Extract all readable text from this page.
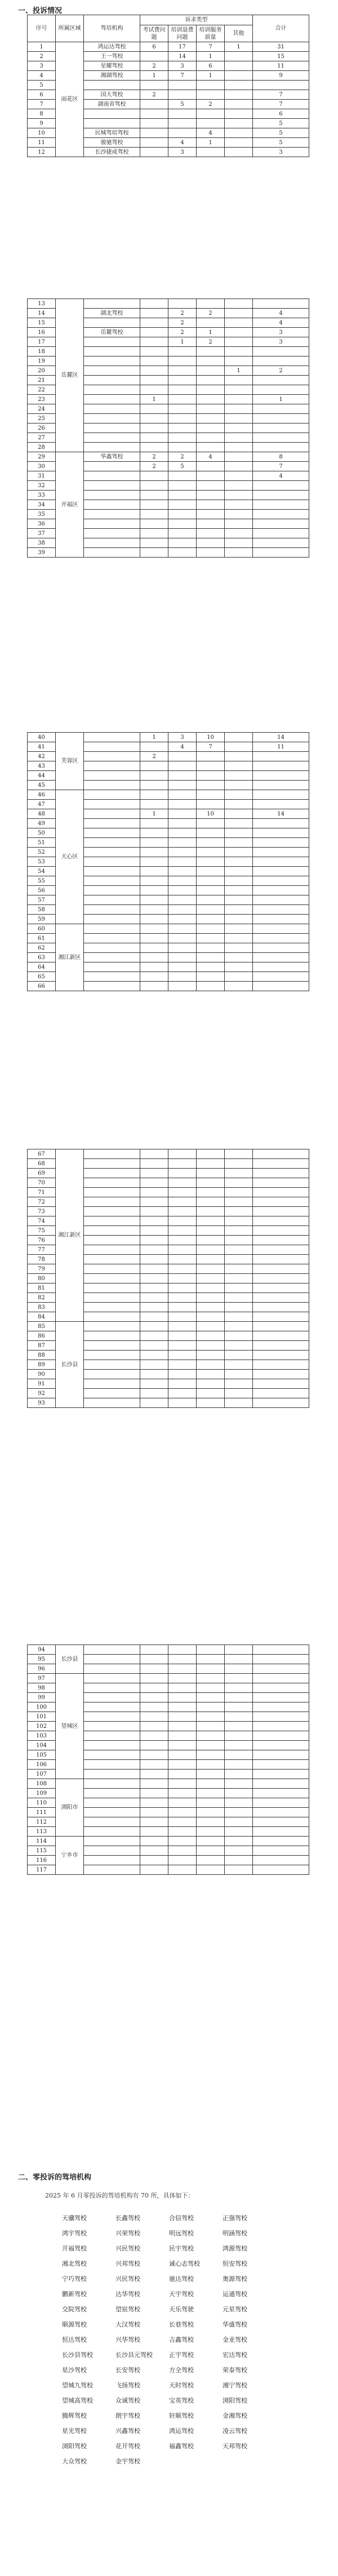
一、投诉情况
序号	所属区域	驾培机构	诉求类型				合计
			考试费问题	培训退费问题	培训服务质量	其他	
1	雨花区	鸿运达驾校	6	17	7	1	31
2		王一驾校		14	1		15
3		星耀驾校	2	3	6		11
4		湘湖驾校	1	7	1		9
5							
6		国大驾校	2				7
7		湖南省驾校		5	2		7
8							6
9							5
10		民城驾培驾校			4		5
11		骏驰驾校		4	1		5
12		长沙捷成驾校		3			3
13	岳麓区						
14		湖北驾校		2	2		4
15				2			4
16		岳麓驾校		2	1		3
17				1	2		3
18							
19							
20						1	2
21							
22							
23			1				1
24							
25							
26							
27							
28							
29	开福区	华鑫驾校	2	2	4		8
30			2	5			7
31							4
32							
33							
34							
35							
36							
37							
38							
39							
40	芙蓉区		1	3	10		14
41				4	7		11
42			2				
43							
44							
45							
46	天心区						
47							
48			1		10		14
49							
50							
51							
52							
53							
54							
55							
56							
57							
58							
59							
60	湘江新区						
61							
62							
63							
64							
65							
66							
67	湘江新区						
68							
69							
70							
71							
72							
73							
74							
75							
76							
77							
78							
79							
80							
81							
82							
83							
84							
85	长沙县						
86							
87							
88							
89							
90							
91							
92							
93							
94	长沙县						
95							
96							
97	望城区						
98							
99							
100							
101							
102							
103							
104							
105							
106							
107							
108	浏阳市						
109							
110							
111							
112							
113							
114	宁乡市						
115							
116							
117							
二、零投诉的驾培机构
2025 年 6 月零投诉的驾培机构有 70 所，具体如下：
天骥驾校	长鑫驾校	合信驾校	正强驾校
鸿宇驾校	兴荣驾校	明远驾校	明涵驾校
开福驾校	兴民驾校	民宇驾校	鸿源驾校
湘北驾校	兴邦驾校	诚心志驾校	恒安驾校
宁巧驾校	兴民驾校	驰达驾校	奥源驾校
鹏新驾校	达华驾校	天宇驾校	运通驾校
交院驾校	望宸驾校	天乐驾驶	元星驾校
顺源驾校	大汉驾校	长巷驾校	华盛驾校
恒达驾校	兴华驾校	吉鑫驾校	金亚驾校
长沙县驾校	长沙县元驾校	正宇驾校	宏达驾校
星沙驾校	长安驾校	方全驾校	荣泰驾校
望城九驾校	飞扬驾校	天时驾校	湘宁驾校
望城高驾校	众诚驾校	宝英驾校	浏阳驾校
腾辉驾校	朗宇驾校	轩顺驾校	金湘驾校
星光驾校	兴鑫驾校	鸿运驾校	凌云驾校
浏阳驾校	花开驾校	福鑫驾校	天邦驾校
大众驾校	金宇驾校
